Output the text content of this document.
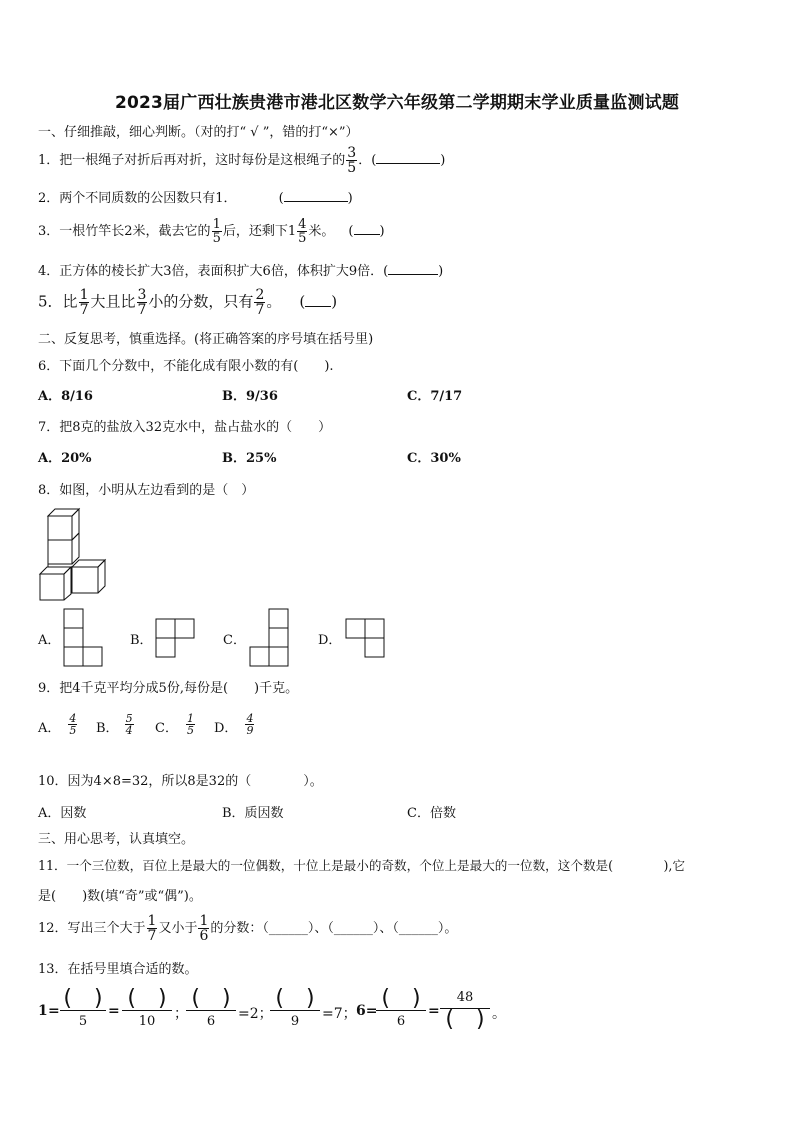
2023届广西壮族贵港市港北区数学六年级第二学期期末学业质量监测试题
一、仔细推敲，细心判断。（对的打“ √ ”，错的打“×”）
1．把一根绳子对折后再对折，这时每份是这根绳子的 $\frac{3}{5}$ ．(	)
2．两个不同质数的公因数只有1．	(	)
3．一根竹竿长2米，截去它的 $\frac{1}{5}$ 后，还剩下$1 \frac{4}{5}$ 米。 ( )
4．正方体的棱长扩大3倍，表面积扩大6倍，体积扩大9倍．(	)
5．比 $\frac{1}{7}$ 大且比 $\frac{3}{7}$ 小的分数，只有 $\frac{2}{7}$ 。 ( )
二、反复思考，慎重选择。(将正确答案的序号填在括号里)
6．下面几个分数中，不能化成有限小数的有(　　).
A．8/16	B．9/36	C．7/17
7．把8克的盐放入32克水中，盐占盐水的（　　）
A．20%	B．25%	C．30%
8．如图，小明从左边看到的是（　）
A．	B．	C．	D．
9．把4千克平均分成5份,每份是(　　)千克。
A． $\frac{4}{5}$ B． $\frac{5}{4}$ C． $\frac{1}{5}$ D． $\frac{4}{9}$
10．因为4×8=32，所以8是32的（　　　　）。
A．因数	B．质因数	C．倍数
三、用心思考，认真填空。
11．一个三位数，百位上是最大的一位偶数，十位上是最小的奇数，个位上是最大的一位数，这个数是(　　　　),它
是(　　)数(填“奇”或“偶”)。
12．写出三个大于 $\frac{1}{7}$ 又小于 $\frac{1}{6}$ 的分数：（______）、（______）、（______）。
13．在括号里填合适的数。
1 = (　)
5
= (　)
10	；
(　)
6	=2；
(　)
9	=7； 6= (　)
6
=
48
(　) 。
